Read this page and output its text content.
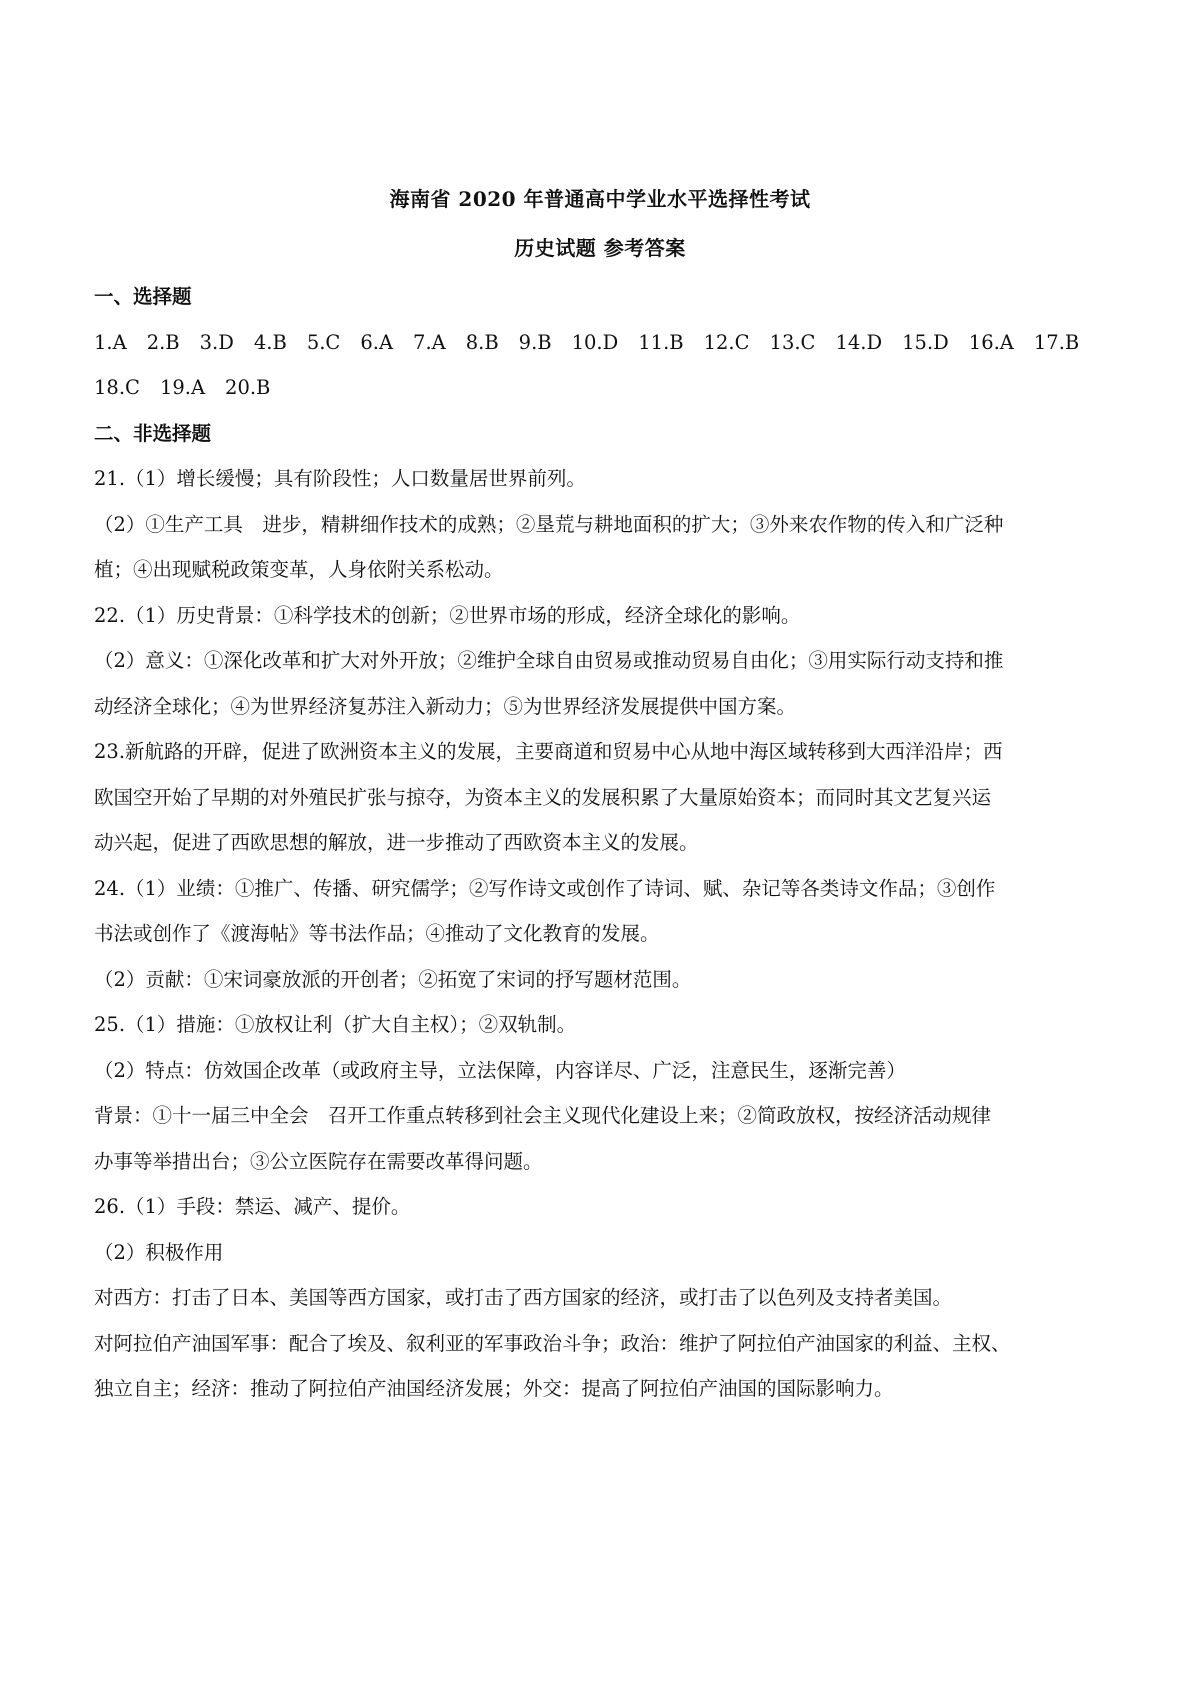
海南省 2020 年普通高中学业水平选择性考试
历史试题 参考答案
一、选择题
1.A 2.B 3.D 4.B 5.C 6.A 7.A 8.B 9.B 10.D 11.B 12.C 13.C 14.D 15.D 16.A 17.B
18.C 19.A 20.B
二、非选择题
21.（1）增长缓慢；具有阶段性；人口数量居世界前列。
（2）①生产工具　进步，精耕细作技术的成熟；②垦荒与耕地面积的扩大；③外来农作物的传入和广泛种
植；④出现赋税政策变革，人身依附关系松动。
22.（1）历史背景：①科学技术的创新；②世界市场的形成，经济全球化的影响。
（2）意义：①深化改革和扩大对外开放；②维护全球自由贸易或推动贸易自由化；③用实际行动支持和推
动经济全球化；④为世界经济复苏注入新动力；⑤为世界经济发展提供中国方案。
23.新航路的开辟，促进了欧洲资本主义的发展，主要商道和贸易中心从地中海区域转移到大西洋沿岸；西
欧国空开始了早期的对外殖民扩张与掠夺，为资本主义的发展积累了大量原始资本；而同时其文艺复兴运
动兴起，促进了西欧思想的解放，进一步推动了西欧资本主义的发展。
24.（1）业绩：①推广、传播、研究儒学；②写作诗文或创作了诗词、赋、杂记等各类诗文作品；③创作
书法或创作了《渡海帖》等书法作品；④推动了文化教育的发展。
（2）贡献：①宋词豪放派的开创者；②拓宽了宋词的抒写题材范围。
25.（1）措施：①放权让利（扩大自主权）；②双轨制。
（2）特点：仿效国企改革（或政府主导，立法保障，内容详尽、广泛，注意民生，逐渐完善）
背景：①十一届三中全会　召开工作重点转移到社会主义现代化建设上来；②简政放权，按经济活动规律
办事等举措出台；③公立医院存在需要改革得问题。
26.（1）手段：禁运、减产、提价。
（2）积极作用
对西方：打击了日本、美国等西方国家，或打击了西方国家的经济，或打击了以色列及支持者美国。
对阿拉伯产油国军事：配合了埃及、叙利亚的军事政治斗争；政治：维护了阿拉伯产油国家的利益、主权、
独立自主；经济：推动了阿拉伯产油国经济发展；外交：提高了阿拉伯产油国的国际影响力。
